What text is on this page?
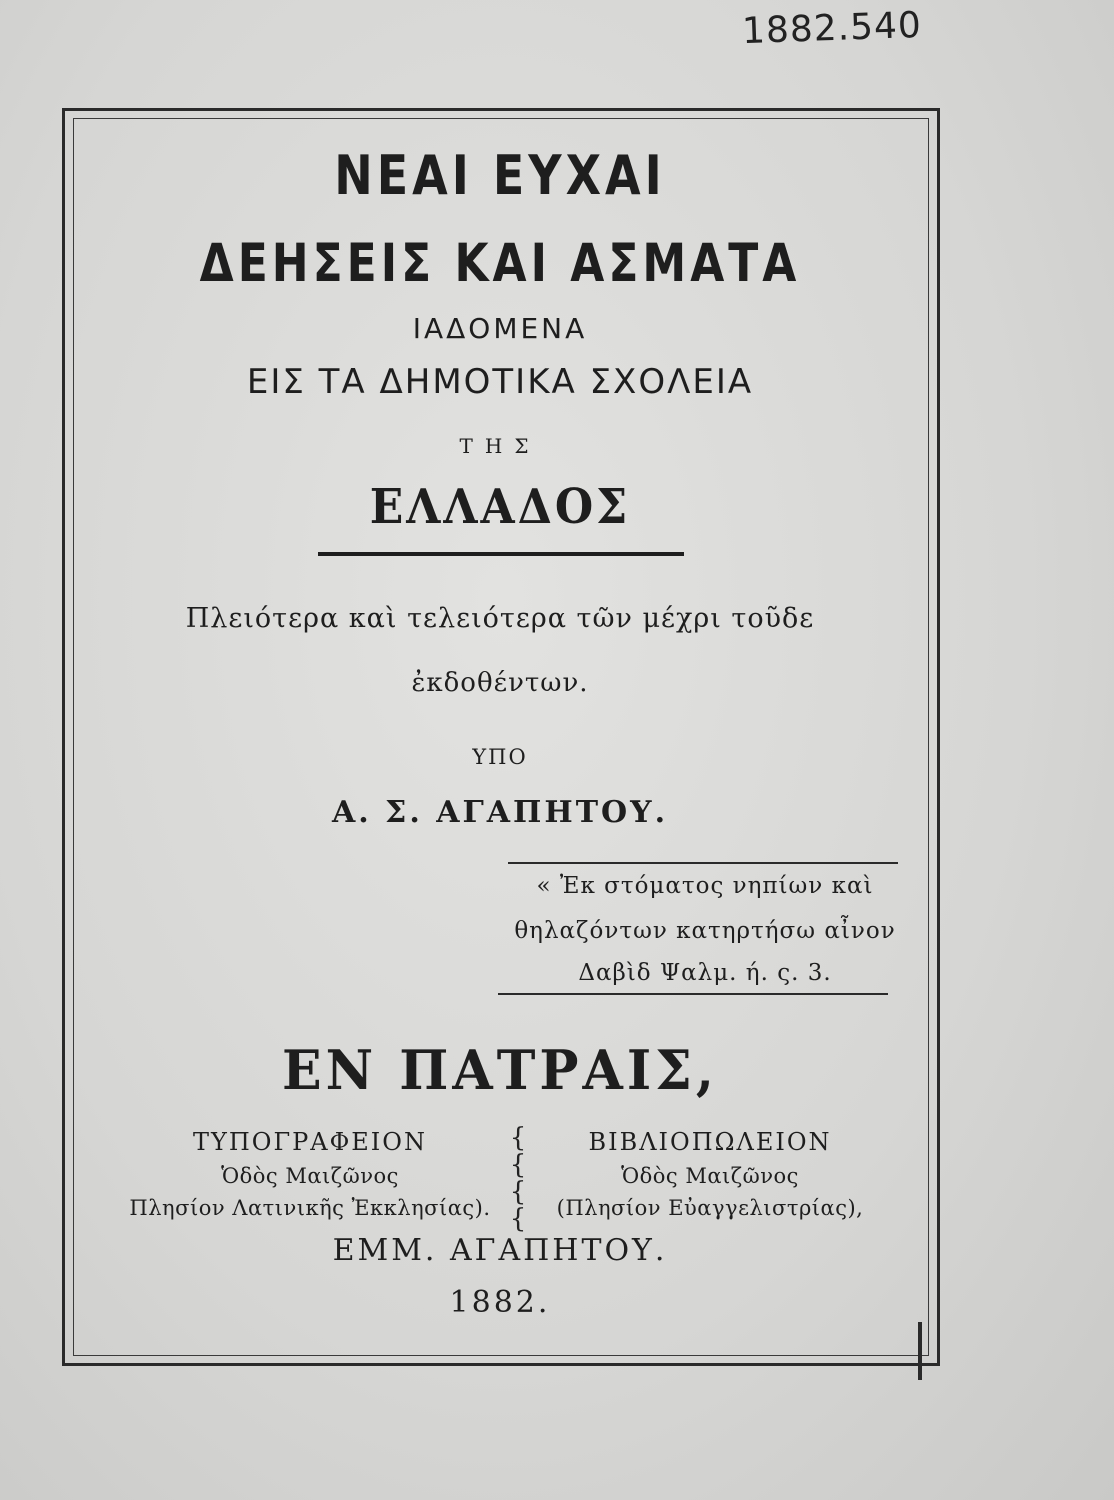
1882.540
ΝΕΑΙ ΕΥΧΑΙ
ΔΕΗΣΕΙΣ ΚΑΙ ΑΣΜΑΤΑ
ΙΑΔΟΜΕΝΑ
ΕΙΣ ΤΑ ΔΗΜΟΤΙΚΑ ΣΧΟΛΕΙΑ
ΤΗΣ
ΕΛΛΑΔΟΣ
Πλειότερα καὶ τελειότερα τῶν μέχρι τοῦδε
ἐκδοθέντων.
ΥΠΟ
Α. Σ. ΑΓΑΠΗΤΟΥ.
« Ἐκ στόματος νηπίων καὶ
θηλαζόντων κατηρτήσω αἶνον
Δαβὶδ Ψαλμ. ή. ς. 3.
ΕΝ ΠΑΤΡΑΙΣ,
ΤΥΠΟΓΡΑΦΕΙΟΝ
Ὁδὸς Μαιζῶνος
Πλησίον Λατινικῆς Ἐκκλησίας).
{
{
{
{
ΒΙΒΛΙΟΠΩΛΕΙΟΝ
Ὁδὸς Μαιζῶνος
(Πλησίον Εὐαγγελιστρίας),
ΕΜΜ. ΑΓΑΠΗΤΟΥ.
1882.
